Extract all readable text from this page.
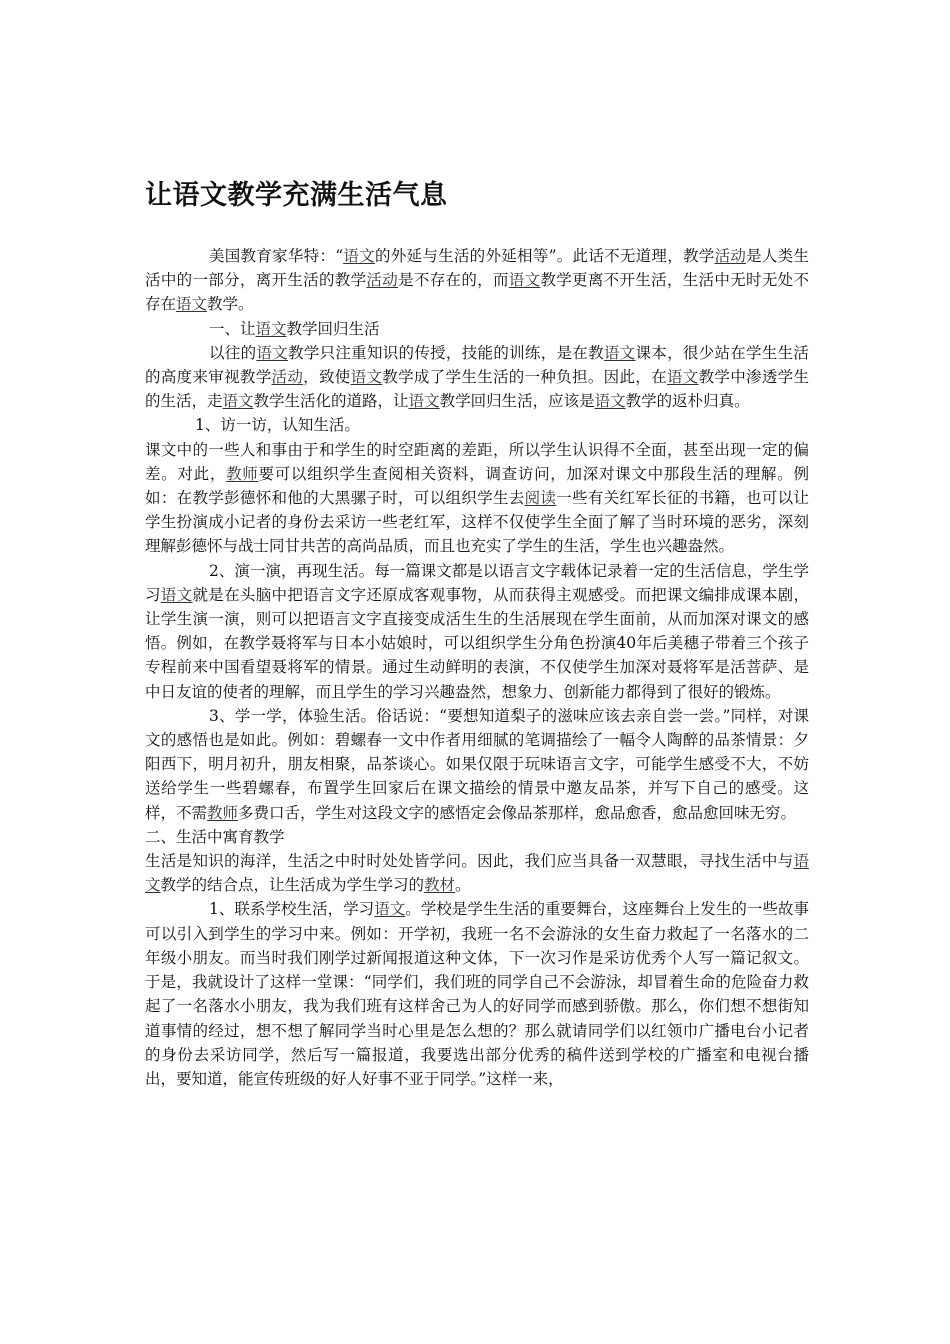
让语文教学充满生活气息

美国教育家华特：“语文的外延与生活的外延相等”。此话不无道理，教学活动是人类生活中的一部分，离开生活的教学活动是不存在的，而语文教学更离不开生活，生活中无时无处不存在语文教学。

一、让语文教学回归生活

以往的语文教学只注重知识的传授，技能的训练，是在教语文课本，很少站在学生生活的高度来审视教学活动，致使语文教学成了学生生活的一种负担。因此，在语文教学中渗透学生的生活，走语文教学生活化的道路，让语文教学回归生活，应该是语文教学的返朴归真。

1、访一访，认知生活。

课文中的一些人和事由于和学生的时空距离的差距，所以学生认识得不全面，甚至出现一定的偏差。对此，教师要可以组织学生查阅相关资料，调查访问，加深对课文中那段生活的理解。例如：在教学彭德怀和他的大黑骡子时，可以组织学生去阅读一些有关红军长征的书籍，也可以让学生扮演成小记者的身份去采访一些老红军，这样不仅使学生全面了解了当时环境的恶劣，深刻理解彭德怀与战士同甘共苦的高尚品质，而且也充实了学生的生活，学生也兴趣盎然。

2、演一演，再现生活。每一篇课文都是以语言文字载体记录着一定的生活信息，学生学习语文就是在头脑中把语言文字还原成客观事物，从而获得主观感受。而把课文编排成课本剧，让学生演一演，则可以把语言文字直接变成活生生的生活展现在学生面前，从而加深对课文的感悟。例如，在教学聂将军与日本小姑娘时，可以组织学生分角色扮演40年后美穗子带着三个孩子专程前来中国看望聂将军的情景。通过生动鲜明的表演，不仅使学生加深对聂将军是活菩萨、是中日友谊的使者的理解，而且学生的学习兴趣盎然，想象力、创新能力都得到了很好的锻炼。

3、学一学，体验生活。俗话说：“要想知道梨子的滋味应该去亲自尝一尝。”同样，对课文的感悟也是如此。例如：碧螺春一文中作者用细腻的笔调描绘了一幅令人陶醉的品茶情景：夕阳西下，明月初升，朋友相聚，品茶谈心。如果仅限于玩味语言文字，可能学生感受不大，不妨送给学生一些碧螺春，布置学生回家后在课文描绘的情景中邀友品茶，并写下自己的感受。这样，不需教师多费口舌，学生对这段文字的感悟定会像品茶那样，愈品愈香，愈品愈回味无穷。

二、生活中寓育教学

生活是知识的海洋，生活之中时时处处皆学问。因此，我们应当具备一双慧眼，寻找生活中与语文教学的结合点，让生活成为学生学习的教材。

1、联系学校生活，学习语文。学校是学生生活的重要舞台，这座舞台上发生的一些故事可以引入到学生的学习中来。例如：开学初，我班一名不会游泳的女生奋力救起了一名落水的二年级小朋友。而当时我们刚学过新闻报道这种文体，下一次习作是采访优秀个人写一篇记叙文。于是，我就设计了这样一堂课：“同学们，我们班的同学自己不会游泳，却冒着生命的危险奋力救起了一名落水小朋友，我为我们班有这样舍己为人的好同学而感到骄傲。那么，你们想不想街知道事情的经过，想不想了解同学当时心里是怎么想的？那么就请同学们以红领巾广播电台小记者的身份去采访同学，然后写一篇报道，我要选出部分优秀的稿件送到学校的广播室和电视台播出，要知道，能宣传班级的好人好事不亚于同学。”这样一来，
